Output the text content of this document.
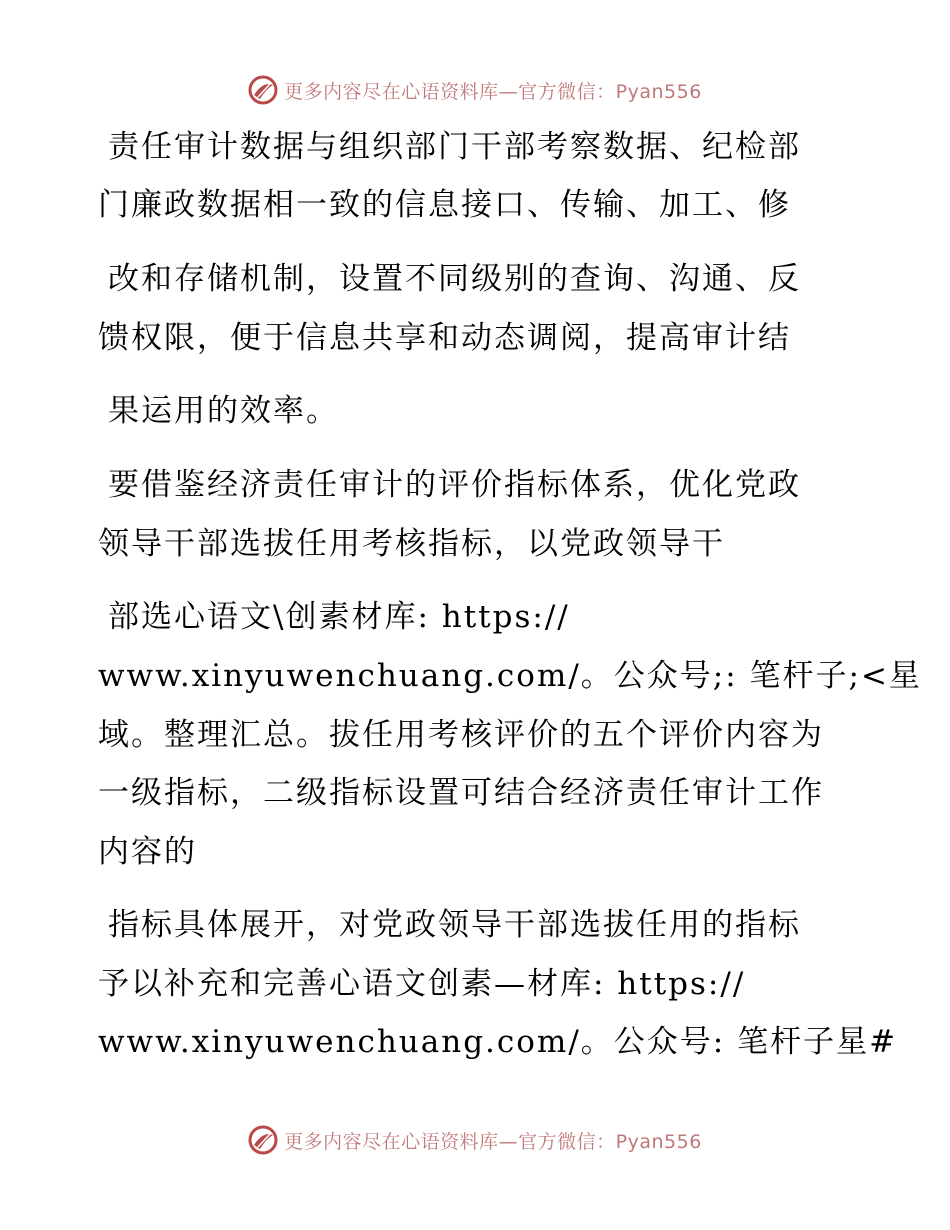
更多内容尽在心语资料库—官方微信：Pyan556
责任审计数据与组织部门干部考察数据、纪检部
门廉政数据相一致的信息接口、传输、加工、修
改和存储机制，设置不同级别的查询、沟通、反
馈权限，便于信息共享和动态调阅，提高审计结
果运用的效率。
要借鉴经济责任审计的评价指标体系，优化党政
领导干部选拔任用考核指标，以党政领导干
部选心语文\创素材库: https://
www.xinyuwenchuang.com/。公众号;: 笔杆子;<星
域。整理汇总。拔任用考核评价的五个评价内容为
一级指标，二级指标设置可结合经济责任审计工作
内容的
指标具体展开，对党政领导干部选拔任用的指标
予以补充和完善心语文创素—材库: https://
www.xinyuwenchuang.com/。公众号: 笔杆子星#
更多内容尽在心语资料库—官方微信：Pyan556
